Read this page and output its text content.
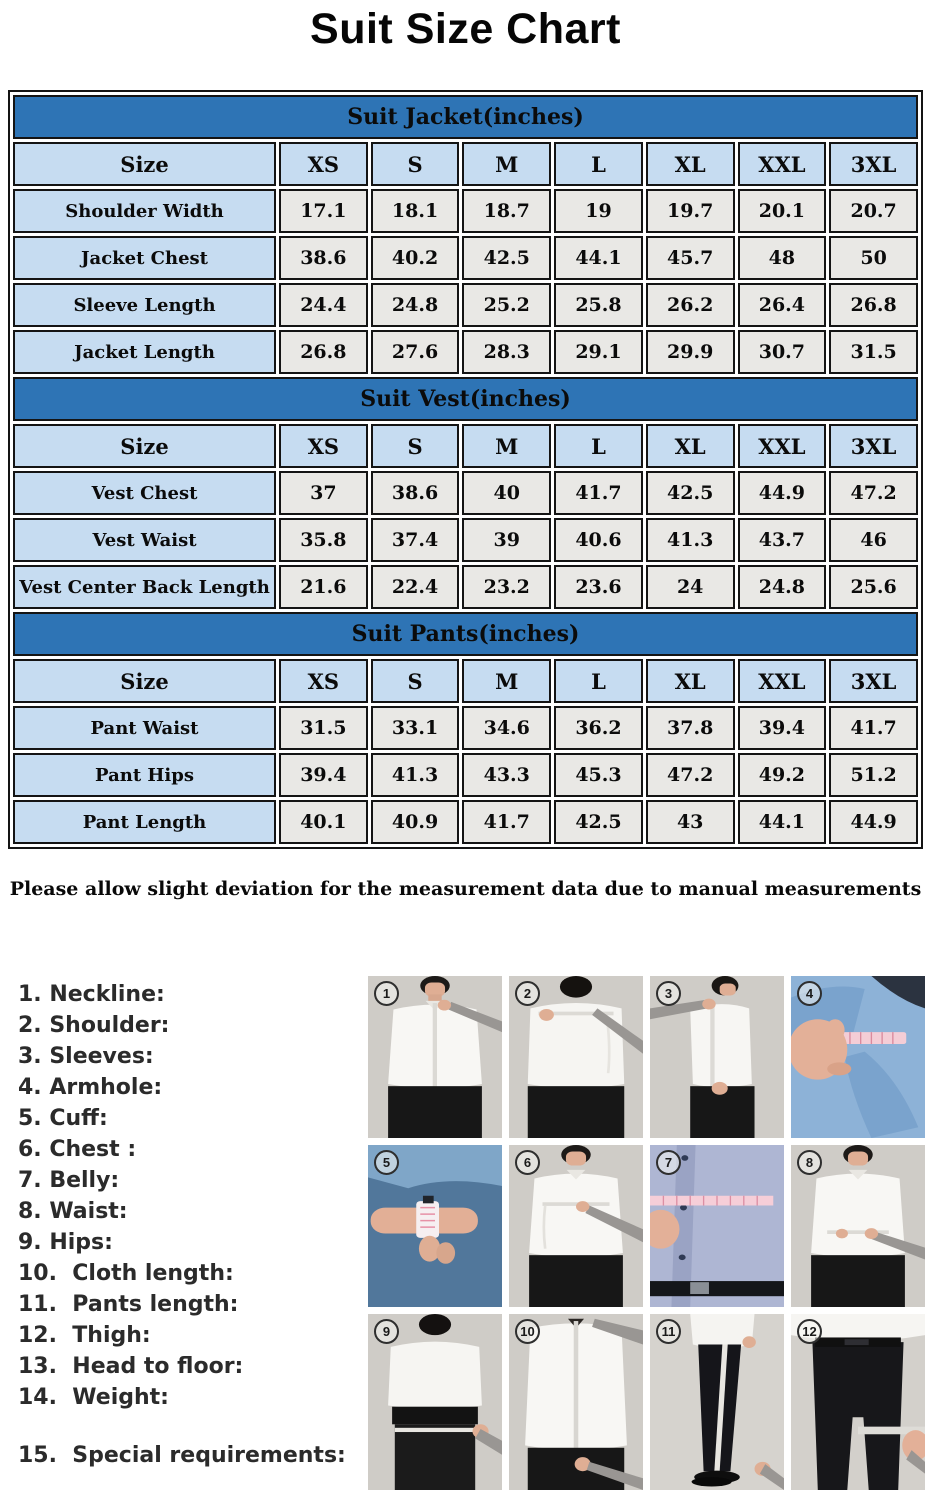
Suit Size Chart
Suit Jacket(inches)							
Size	XS	S	M	L	XL	XXL	3XL
Shoulder Width	17.1	18.1	18.7	19	19.7	20.1	20.7
Jacket Chest	38.6	40.2	42.5	44.1	45.7	48	50
Sleeve Length	24.4	24.8	25.2	25.8	26.2	26.4	26.8
Jacket Length	26.8	27.6	28.3	29.1	29.9	30.7	31.5
Suit Vest(inches)							
Size	XS	S	M	L	XL	XXL	3XL
Vest Chest	37	38.6	40	41.7	42.5	44.9	47.2
Vest Waist	35.8	37.4	39	40.6	41.3	43.7	46
Vest Center Back Length	21.6	22.4	23.2	23.6	24	24.8	25.6
Suit Pants(inches)							
Size	XS	S	M	L	XL	XXL	3XL
Pant Waist	31.5	33.1	34.6	36.2	37.8	39.4	41.7
Pant Hips	39.4	41.3	43.3	45.3	47.2	49.2	51.2
Pant Length	40.1	40.9	41.7	42.5	43	44.1	44.9

Please allow slight deviation for the measurement data due to manual measurements

1. Neckline:
2. Shoulder:
3. Sleeves:
4. Armhole:
5. Cuff:
6. Chest :
7. Belly:
8. Waist:
9. Hips:
10.  Cloth length:
11.  Pants length:
12.  Thigh:
13.  Head to floor:
14.  Weight:
15.  Special requirements:
1	2	3	4
5	6	7	8
9	10	11	12
